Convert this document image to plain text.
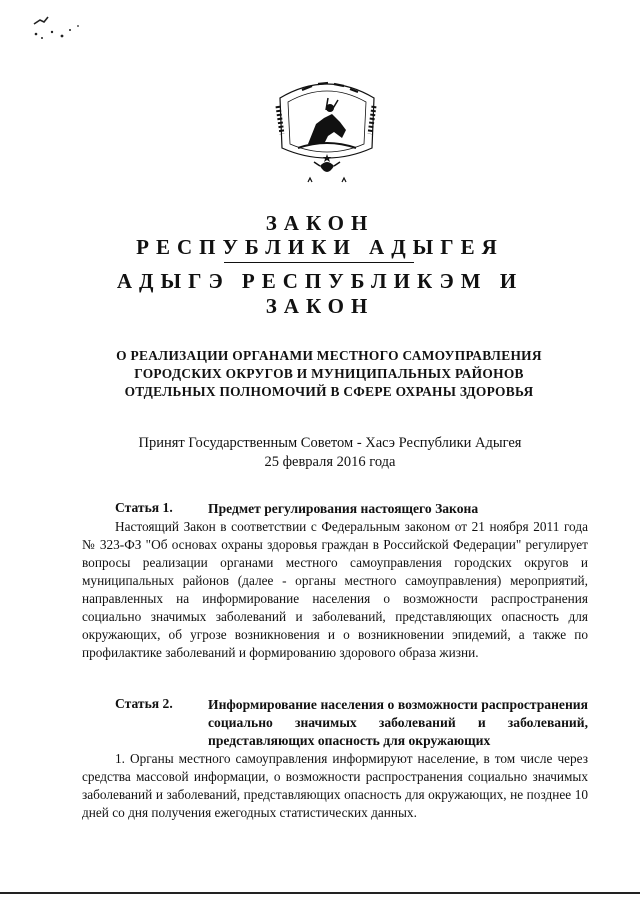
ЗАКОН
РЕСПУБЛИКИ АДЫГЕЯ
АДЫГЭ РЕСПУБЛИКЭМ И
ЗАКОН
О РЕАЛИЗАЦИИ ОРГАНАМИ МЕСТНОГО САМОУПРАВЛЕНИЯ
ГОРОДСКИХ ОКРУГОВ И МУНИЦИПАЛЬНЫХ РАЙОНОВ
ОТДЕЛЬНЫХ ПОЛНОМОЧИЙ В СФЕРЕ ОХРАНЫ ЗДОРОВЬЯ
Принят Государственным Советом - Хасэ Республики Адыгея
25 февраля 2016 года
Статья 1.	Предмет регулирования настоящего Закона

Настоящий Закон в соответствии с Федеральным законом от 21 ноября 2011 года № 323-ФЗ "Об основах охраны здоровья граждан в Российской Федерации" регулирует вопросы реализации органами местного самоуправления городских округов и муниципальных районов (далее - органы местного самоуправления) мероприятий, направленных на информирование населения о возможности распространения социально значимых заболеваний и заболеваний, представляющих опасность для окружающих, об угрозе возникновения и о возникновении эпидемий, а также по профилактике заболеваний и формированию здорового образа жизни.

Статья 2.	Информирование населения о возможности распространения социально значимых заболеваний и заболеваний, представляющих опасность для окружающих

1. Органы местного самоуправления информируют население, в том числе через средства массовой информации, о возможности распространения социально значимых заболеваний и заболеваний, представляющих опасность для окружающих, не позднее 10 дней со дня получения ежегодных статистических данных.
